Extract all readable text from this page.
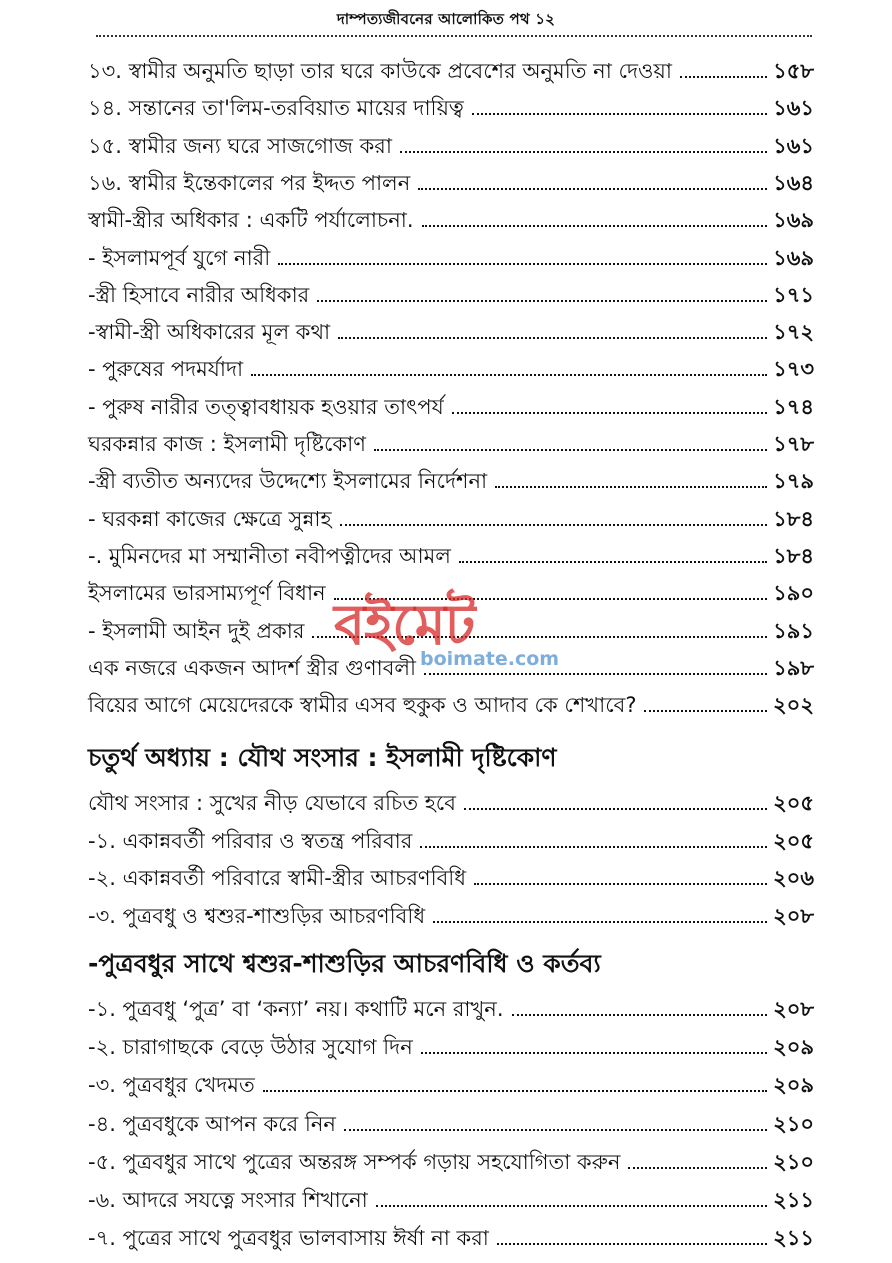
দাম্পত্যজীবনের আলোকিত পথ ১২
১৩. স্বামীর অনুমতি ছাড়া তার ঘরে কাউকে প্রবেশের অনুমতি না দেওয়া	১৫৮
১৪. সন্তানের তা'লিম-তরবিয়াত মায়ের দায়িত্ব	১৬১
১৫. স্বামীর জন্য ঘরে সাজগোজ করা	১৬১
১৬. স্বামীর ইন্তেকালের পর ইদ্দত পালন	১৬৪
স্বামী-স্ত্রীর অধিকার : একটি পর্যালোচনা.	১৬৯
- ইসলামপূর্ব যুগে নারী	১৬৯
-স্ত্রী হিসাবে নারীর অধিকার	১৭১
-স্বামী-স্ত্রী অধিকারের মূল কথা	১৭২
- পুরুষের পদমর্যাদা	১৭৩
- পুরুষ নারীর তত্ত্বাবধায়ক হওয়ার তাৎপর্য	১৭৪
ঘরকন্নার কাজ : ইসলামী দৃষ্টিকোণ	১৭৮
-স্ত্রী ব্যতীত অন্যদের উদ্দেশ্যে ইসলামের নির্দেশনা	১৭৯
- ঘরকন্না কাজের ক্ষেত্রে সুন্নাহ	১৮৪
-. মুমিনদের মা সম্মানীতা নবীপত্নীদের আমল	১৮৪
ইসলামের ভারসাম্যপূর্ণ বিধান	১৯০
- ইসলামী আইন দুই প্রকার	১৯১
এক নজরে একজন আদর্শ স্ত্রীর গুণাবলী	১৯৮
বিয়ের আগে মেয়েদেরকে স্বামীর এসব হুকুক ও আদাব কে শেখাবে?	২০২
চতুর্থ অধ্যায় : যৌথ সংসার : ইসলামী দৃষ্টিকোণ
যৌথ সংসার : সুখের নীড় যেভাবে রচিত হবে	২০৫
-১. একান্নবর্তী পরিবার ও স্বতন্ত্র পরিবার	২০৫
-২. একান্নবর্তী পরিবারে স্বামী-স্ত্রীর আচরণবিধি	২০৬
-৩. পুত্রবধু ও শ্বশুর-শাশুড়ির আচরণবিধি	২০৮
-পুত্রবধুর সাথে শ্বশুর-শাশুড়ির আচরণবিধি ও কর্তব্য
-১. পুত্রবধু ‘পুত্র’ বা ‘কন্যা’ নয়। কথাটি মনে রাখুন.	২০৮
-২. চারাগাছকে বেড়ে উঠার সুযোগ দিন	২০৯
-৩. পুত্রবধুর খেদমত	২০৯
-৪. পুত্রবধুকে আপন করে নিন	২১০
-৫. পুত্রবধুর সাথে পুত্রের অন্তরঙ্গ সম্পর্ক গড়ায় সহযোগিতা করুন	২১০
-৬. আদরে সযত্নে সংসার শিখানো	২১১
-৭. পুত্রের সাথে পুত্রবধুর ভালবাসায় ঈর্ষা না করা	২১১
বইমেট
boimate.com
